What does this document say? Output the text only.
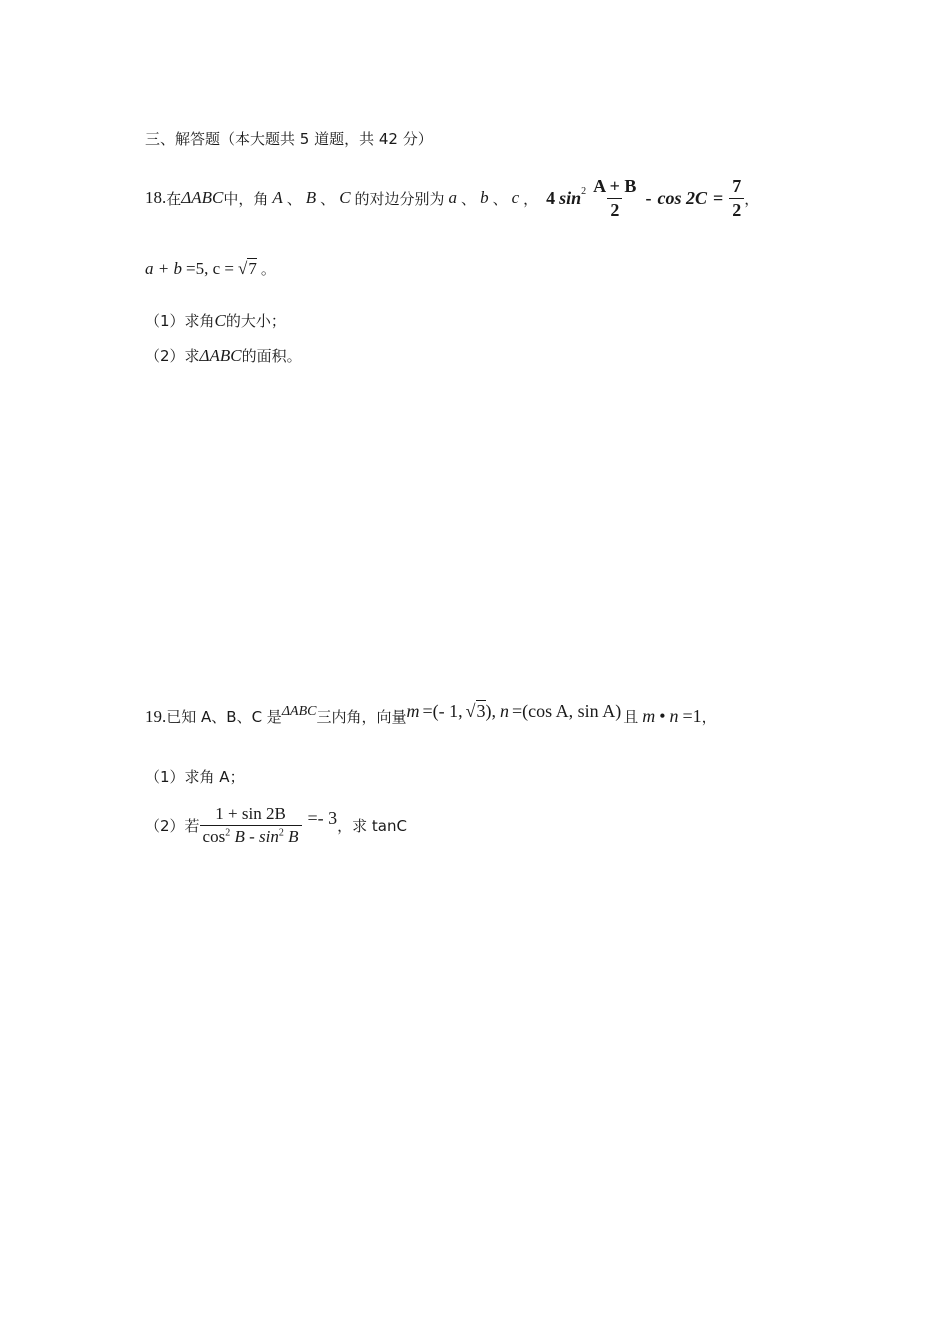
三、解答题（本大题共 5 道题，共 42 分）
18. 在 ΔABC 中，角 A 、 B 、 C 的对边分别为 a 、 b 、 c ， 4 $\sin^2 \frac{A + B}{2} - \cos 2C = \frac{7}{2}$ ，
a + b =5, c = √7 。
（1）求角 C 的大小；
（2）求 ΔABC 的面积。
19. 已知 A、B、C 是 ΔABC 三内角，向量 m =(- 1, √3 ), n =(cos A, sin A) 且 m • n =1 ，
（1）求角 A；
（2）若 $\frac{1 + \sin 2B}{\cos^2 B - \sin^2 B} =- 3$ ，求 tanC
